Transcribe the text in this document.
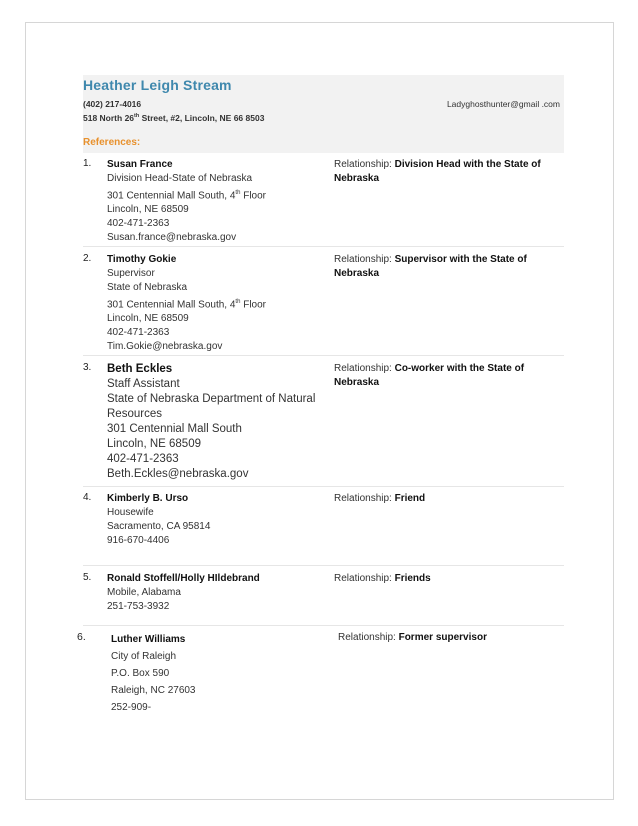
Heather Leigh Stream
(402) 217-4016	Ladyghosthunter@gmail .com
518 North 26th Street, #2, Lincoln, NE 66 8503
References:
1. Susan France
Division Head-State of Nebraska
301 Centennial Mall South, 4th Floor
Lincoln, NE 68509
402-471-2363
Susan.france@nebraska.gov
Relationship: Division Head with the State of Nebraska
2. Timothy Gokie
Supervisor
State of Nebraska
301 Centennial Mall South, 4th Floor
Lincoln, NE 68509
402-471-2363
Tim.Gokie@nebraska.gov
Relationship: Supervisor with the State of Nebraska
3. Beth Eckles
Staff Assistant
State of Nebraska Department of Natural
Resources
301 Centennial Mall South
Lincoln, NE 68509
402-471-2363
Beth.Eckles@nebraska.gov
Relationship: Co-worker with the State of Nebraska
4. Kimberly B. Urso
Housewife
Sacramento, CA 95814
916-670-4406
Relationship: Friend
5. Ronald Stoffell/Holly HIldebrand
Mobile, Alabama
251-753-3932
Relationship: Friends
6.	Luther Williams
City of Raleigh
P.O. Box 590
Raleigh, NC 27603
252-909-
Relationship: Former supervisor
